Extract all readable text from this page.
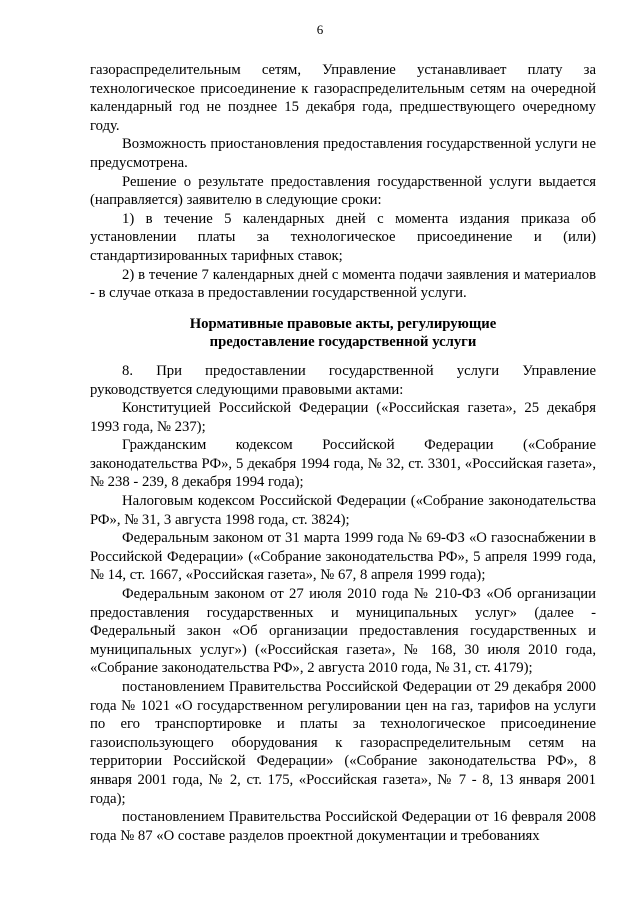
6

газораспределительным сетям, Управление устанавливает плату за технологическое присоединение к газораспределительным сетям на очередной календарный год не позднее 15 декабря года, предшествующего очередному году.

Возможность приостановления предоставления государственной услуги не предусмотрена.

Решение о результате предоставления государственной услуги выдается (направляется) заявителю в следующие сроки:

1) в течение 5 календарных дней с момента издания приказа об установлении платы за технологическое присоединение и (или) стандартизированных тарифных ставок;

2) в течение 7 календарных дней с момента подачи заявления и материалов - в случае отказа в предоставлении государственной услуги.

Нормативные правовые акты, регулирующие
предоставление государственной услуги

8. При предоставлении государственной услуги Управление руководствуется следующими правовыми актами:

Конституцией Российской Федерации («Российская газета», 25 декабря 1993 года, № 237);

Гражданским кодексом Российской Федерации («Собрание законодательства РФ», 5 декабря 1994 года, № 32, ст. 3301, «Российская газета», № 238 - 239, 8 декабря 1994 года);

Налоговым кодексом Российской Федерации («Собрание законодательства РФ», № 31, 3 августа 1998 года, ст. 3824);

Федеральным законом от 31 марта 1999 года № 69-ФЗ «О газоснабжении в Российской Федерации» («Собрание законодательства РФ», 5 апреля 1999 года, № 14, ст. 1667, «Российская газета», № 67, 8 апреля 1999 года);

Федеральным законом от 27 июля 2010 года № 210-ФЗ «Об организации предоставления государственных и муниципальных услуг» (далее - Федеральный закон «Об организации предоставления государственных и муниципальных услуг») («Российская газета», № 168, 30 июля 2010 года, «Собрание законодательства РФ», 2 августа 2010 года, № 31, ст. 4179);

постановлением Правительства Российской Федерации от 29 декабря 2000 года № 1021 «О государственном регулировании цен на газ, тарифов на услуги по его транспортировке и платы за технологическое присоединение газоиспользующего оборудования к газораспределительным сетям на территории Российской Федерации» («Собрание законодательства РФ», 8 января 2001 года, № 2, ст. 175, «Российская газета», № 7 - 8, 13 января 2001 года);

постановлением Правительства Российской Федерации от 16 февраля 2008 года № 87 «О составе разделов проектной документации и требованиях
